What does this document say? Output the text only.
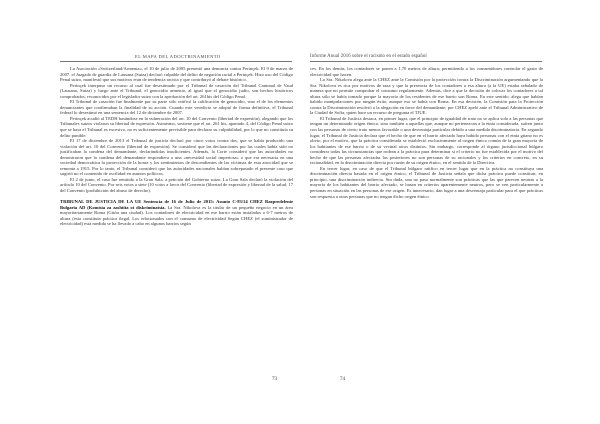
EL MAPA DEL ADOCTRINAMIENTO

La Asociación «Switzerland/Armenia», el 10 de julio de 2005 presentó una denuncia contra Perinçek. El 9 de marzo de 2007, el Juzgado de guardia de Lausana (Suiza) declaró culpable del delito de negación racial a Perinçek. Hizo uso del Código Penal suizo, manifestó que sus motivos eran de tendencia racista y que contribuyó al debate histórico.

Perinçek interpuso un recurso al cual fue desestimado por el Tribunal de casación del Tribunal Cantonal de Vaud (Lausana, Suiza) y luego ante el Tribunal, el genocidio armenio, al igual que el genocidio judío, son hechos históricos comprobados, reconocidos por el legislador suizo con la aprobación del art. 261bis del Código Penal.

El Tribunal de casación fue finalmente por su parte sólo ratificó la calificación de genocidio, sino el de los elementos denunciantes que confirmaban la finalidad de su acción. Cuando este veredicto se adoptó de forma definitiva, el Tribunal federal lo desestimó en una sentencia del 12 de diciembre de 2007.

Perinçek acudió al TEDH basándose en la vulneración del art. 10 del Convenio (libertad de expresión), alegando que los Tribunales suizos violaron su libertad de expresión. Asimismo, sostiene que el art. 261 bis, apartado 4, del Código Penal suizo que se basa el Tribunal es excesivo, no es suficientemente previsible para declarar su culpabilidad, por lo que no constituía su delito punible.

El 17 de diciembre de 2013 el Tribunal de justicia declaró por cinco votos contra dos, que se había producido una violación del art. 10 del Convenio (libertad de expresión). Se consideró que las declaraciones por las cuales había sido no justificaban la condena del demandante, declarándolas insuficientes. Además, la Corte consideró que las autoridades no demostraron que la condena del demandante respondiera a una «necesidad social imperiosa» o que era necesaria en una sociedad democrática la protección de la honra y los sentimientos de descendientes de las víctimas de esta atrocidad que se remonta a 1915. Por lo tanto, el Tribunal consideró que las autoridades nacionales habían sobrepasado el presente caso que sugirió no el contenido de oscilidad en asuntos políticos.

El 2 de junio, el caso fue remitido a la Gran Sala, a petición del Gobierno suizo. La Gran Sala declaró la violación del artículo 10 del Convenio. Por seis votos a siete (10 votos a favor del Convenio (libertad de expresión y libertad de la salud, 17 del Convenio (prohibición del abuso de derecho).

TRIBUNAL DE JUSTICIA DE LA UE Sentencia de 16 de Julio de 2015: Asunto C-83/14 CHEZ Razpredelenie Bulgaria AD (Komisia za zashtita ot diskriminatsia. La Sra. Nikolova es la titular de un pequeño negocio en un área mayoritariamente Roma (Gitón una ciudad). Los contadores de electricidad en ese barrio están instalados a 6-7 metros de altura (esta constituía práctica ilegal. Los relacionados con el consumo de electricidad Según CHEZ (el suministrador de electricidad) esta medida se ha llevado a cabo en algunos barrios según

73
Informe Anual 2016 sobre el racismo en el estado español

ces. En los demás, los contadores se ponen a 1,70 metros de altura; permitiendo a los consumidores controlar el gasto de electricidad que hacen.

La Sra. Nikolova alega ante la CHEZ ante la Comisión por la protección contra la Discriminación argumentando que la Sra. Nikolova es rica por motivos de raza y que la presencia de los contadores a esa altura (a la UE) estaba señalado de manera que no permite comprobar el consumo regularmente. Además, dice a que la decisión de colocar los contadores a tal altura sólo se había tomado porque la mayoría de los residentes de ese barrio son Roma. En este sentido, alega que habían habido manipulaciones por ningún éxito, aunque eso se había con Roma. En esa decisión, la Comisión para la Protección contra la Discriminación resolvió a la alegación en favor del demandante; por CHEZ apeló ante el Tribunal Administrativo de la Ciudad de Sofía, quien hace un recurso de pregunta el TJUE.

El Tribunal de Justicia destaca, en primer lugar, que el principio de igualdad de trato no se aplica solo a las personas que tengan un determinado origen étnico, sino también a aquellas que, aunque no pertenezcan a la etnia considerada, sufren junto con las personas de cierto trato menos favorable o una desventaja particular debido a una medida discriminatoria. En segundo lugar, el Tribunal de Justicia declara que el hecho de que en el barrio afectado haya habido personas con el etnia gitano no es obvio, por el motivo, que la práctica considerada se estableció exclusivamente al origen étnico común de la gran mayoría de los habitantes de ese barrio o de su vecinal otros distintos. Sin embargo, corresponde al órgano jurisdiccional búlgaro considerar todas las circunstancias que rodean a la práctica para determinar si el criterio no fue establecida por el motivo del hecho de que las personas afectadas las posteriores no son personas de su racionales y los criterios en concreto, en su racionalidad, en la discriminación directa por razón de su origen étnico, en el sentido de la Directiva.

En tercer lugar, en caso de que el Tribunal búlgaro ratifico en tercer lugar que en la práctica no constituya una discriminación directa basada en el origen étnico, el Tribunal de Justicia señala que dicha práctica puede constituir, en principio, una discriminación indirecta. Sin duda, una no pasa normalmente son prácticas que las que parecen neutras a la mayoría de los habitantes del barrio afectado, se basan en criterios aparentemente neutros, pero se ven particularmente a personas en situación en las personas de ese origen. Es innecesario, dan lugar a una desventaja particular para el que prácticas son respuesta a otras personas que no tengan dicho origen étnico.

74
